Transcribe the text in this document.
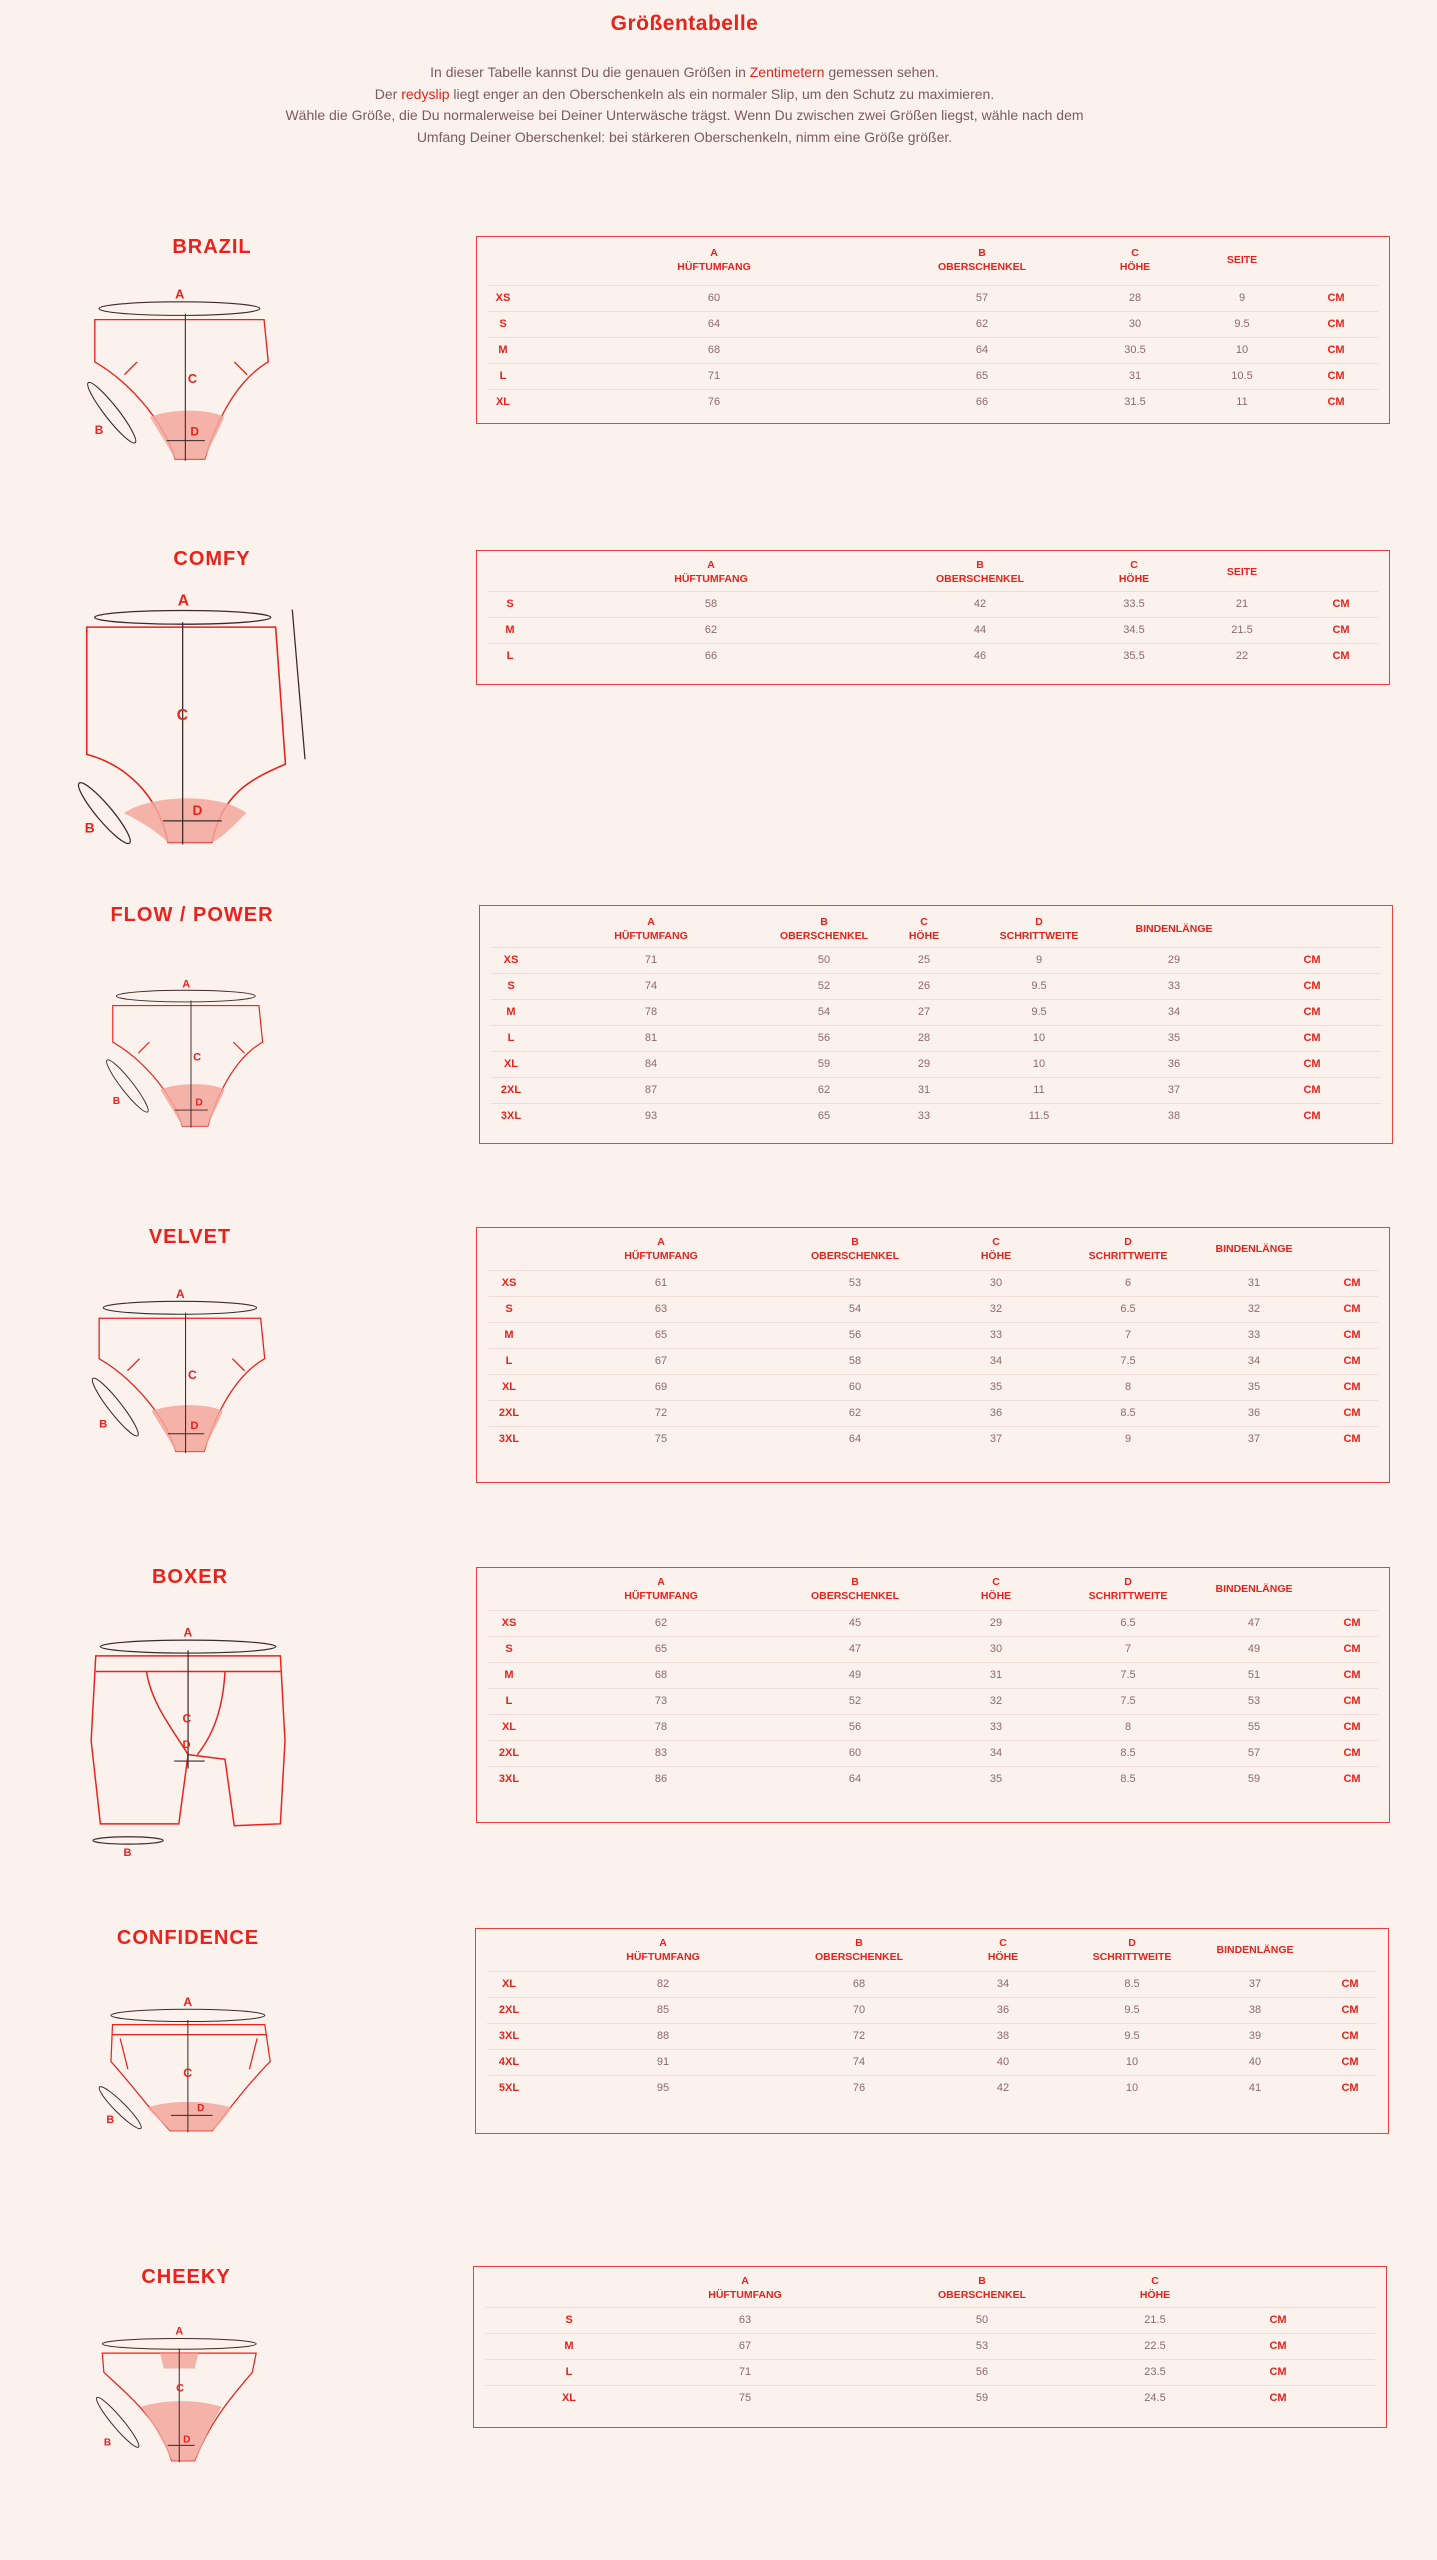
Größentabelle
In dieser Tabelle kannst Du die genauen Größen in Zentimetern gemessen sehen.
Der redyslip liegt enger an den Oberschenkeln als ein normaler Slip, um den Schutz zu maximieren.
Wähle die Größe, die Du normalerweise bei Deiner Unterwäsche trägst. Wenn Du zwischen zwei Größen liegst, wähle nach dem
Umfang Deiner Oberschenkel: bei stärkeren Oberschenkeln, nimm eine Größe größer.
BRAZIL
A
C
D
B
A
HÜFTUMFANG
B
OBERSCHENKEL
C
HÖHE
SEITE
XS	60	57	28	9	CM
S	64	62	30	9.5	CM
M	68	64	30.5	10	CM
L	71	65	31	10.5	CM
XL	76	66	31.5	11	CM
COMFY
A
C
D
B
A
HÜFTUMFANG
B
OBERSCHENKEL
C
HÖHE
SEITE
S	58	42	33.5	21	CM
M	62	44	34.5	21.5	CM
L	66	46	35.5	22	CM
FLOW / POWER
A
C
D
B
A
HÜFTUMFANG
B
OBERSCHENKEL
C
HÖHE
D
SCHRITTWEITE
BINDENLÄNGE
XS	71	50	25	9	29	CM
S	74	52	26	9.5	33	CM
M	78	54	27	9.5	34	CM
L	81	56	28	10	35	CM
XL	84	59	29	10	36	CM
2XL	87	62	31	11	37	CM
3XL	93	65	33	11.5	38	CM
VELVET
A
C
D
B
A
HÜFTUMFANG
B
OBERSCHENKEL
C
HÖHE
D
SCHRITTWEITE
BINDENLÄNGE
XS	61	53	30	6	31	CM
S	63	54	32	6.5	32	CM
M	65	56	33	7	33	CM
L	67	58	34	7.5	34	CM
XL	69	60	35	8	35	CM
2XL	72	62	36	8.5	36	CM
3XL	75	64	37	9	37	CM
BOXER
A
C
D
B
A
HÜFTUMFANG
B
OBERSCHENKEL
C
HÖHE
D
SCHRITTWEITE
BINDENLÄNGE
XS	62	45	29	6.5	47	CM
S	65	47	30	7	49	CM
M	68	49	31	7.5	51	CM
L	73	52	32	7.5	53	CM
XL	78	56	33	8	55	CM
2XL	83	60	34	8.5	57	CM
3XL	86	64	35	8.5	59	CM
CONFIDENCE
A
C
D
B
A
HÜFTUMFANG
B
OBERSCHENKEL
C
HÖHE
D
SCHRITTWEITE
BINDENLÄNGE
XL	82	68	34	8.5	37	CM
2XL	85	70	36	9.5	38	CM
3XL	88	72	38	9.5	39	CM
4XL	91	74	40	10	40	CM
5XL	95	76	42	10	41	CM
CHEEKY
A
C
D
B
A
HÜFTUMFANG
B
OBERSCHENKEL
C
HÖHE
S	63	50	21.5	CM
M	67	53	22.5	CM
L	71	56	23.5	CM
XL	75	59	24.5	CM
